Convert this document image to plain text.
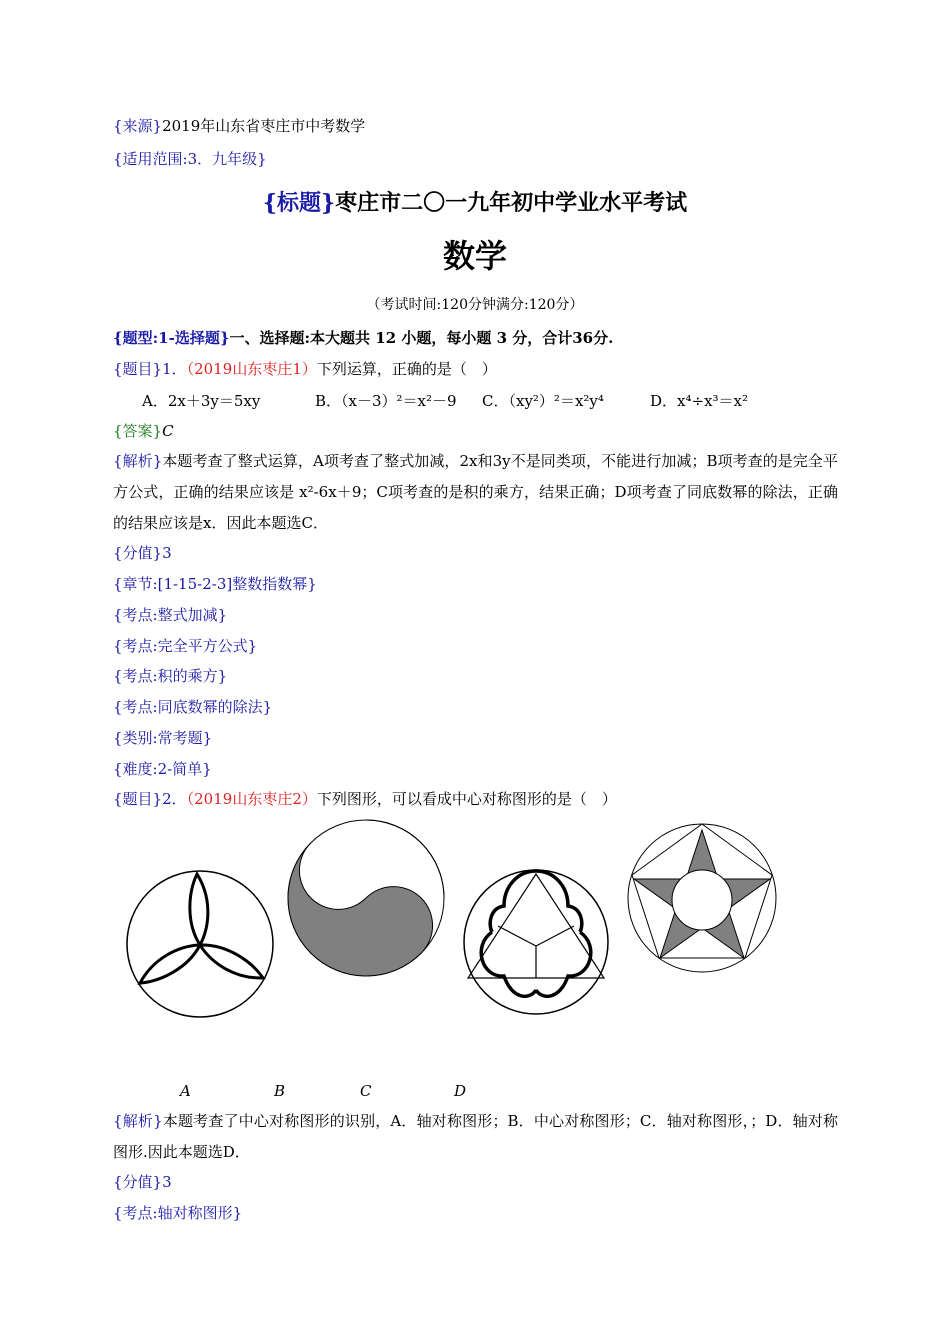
{来源}2019年山东省枣庄市中考数学
{适用范围:3．九年级}
{标题}枣庄市二〇一九年初中学业水平考试
数学
（考试时间:120分钟满分:120分）
{题型:1-选择题}一、选择题:本大题共 12 小题，每小题 3 分，合计36分.
{题目}1．（2019山东枣庄1）下列运算，正确的是（　）
A．2x＋3y＝5xy	B．（x－3）²＝x²－9 C．（xy²）²＝x²y⁴	D．x⁴÷x³＝x²
{答案}C
{解析}本题考查了整式运算，A项考查了整式加减，2x和3y不是同类项，不能进行加减；B项考查的是完全平方公式，正确的结果应该是 x²-6x＋9；C项考查的是积的乘方，结果正确；D项考查了同底数幂的除法，正确的结果应该是x．因此本题选C．
{分值}3
{章节:[1-15-2-3]整数指数幂}
{考点:整式加减}
{考点:完全平方公式}
{考点:积的乘方}
{考点:同底数幂的除法}
{类别:常考题}
{难度:2-简单}
{题目}2．（2019山东枣庄2）下列图形，可以看成中心对称图形的是（　）
A	B	C	D
{解析}本题考查了中心对称图形的识别，A．轴对称图形；B．中心对称图形；C．轴对称图形，；D．轴对称图形.因此本题选D．
{分值}3
{考点:轴对称图形}
